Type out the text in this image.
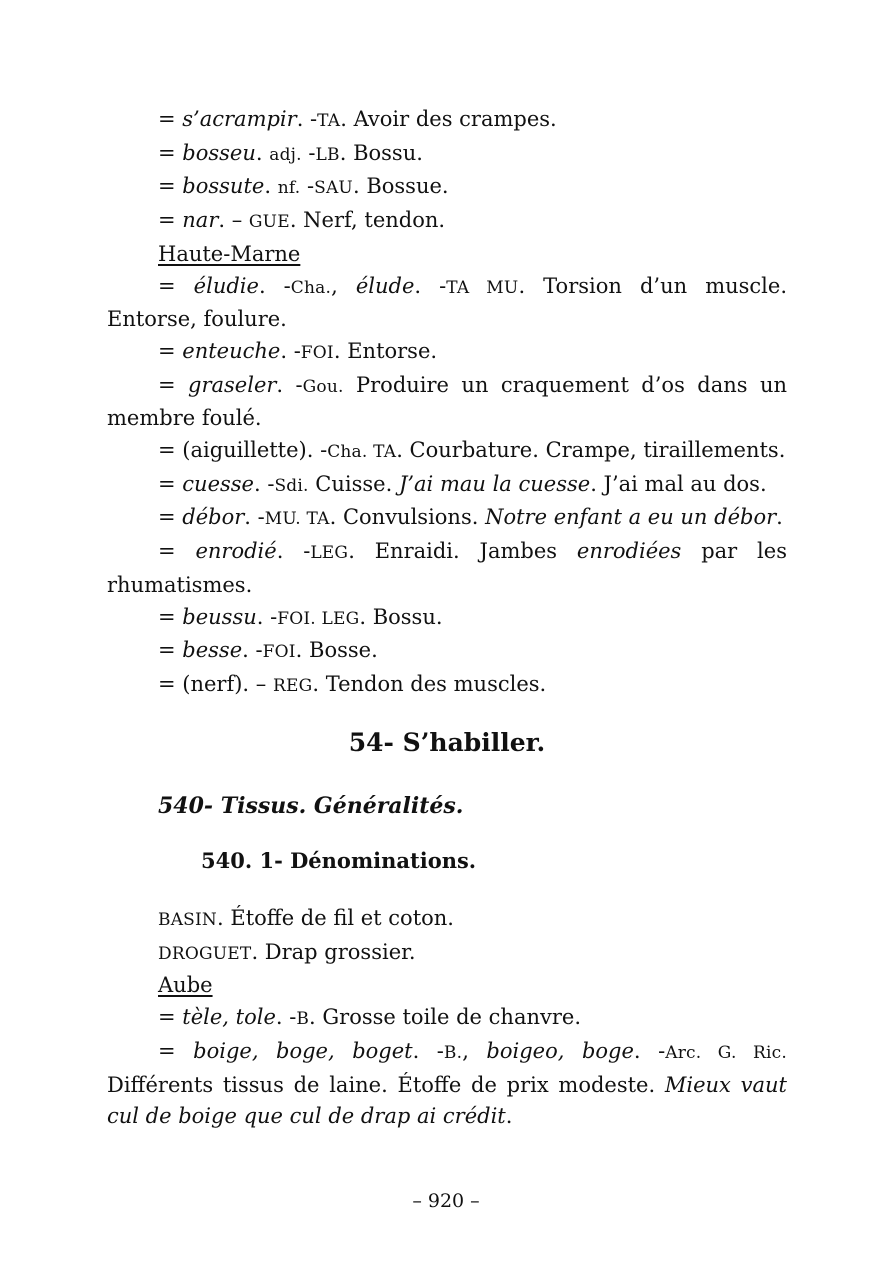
= s’acrampir. -TA. Avoir des crampes.

= bosseu. adj. -LB. Bossu.

= bossute. nf. -SAU. Bossue.

= nar. – GUE. Nerf, tendon.

Haute-Marne

= éludie. -Cha., élude. -TA MU. Torsion d’un muscle. Entorse, foulure.

= enteuche. -FOI. Entorse.

= graseler. -Gou. Produire un craquement d’os dans un membre foulé.

= (aiguillette). -Cha. TA. Courbature. Crampe, tiraillements.

= cuesse. -Sdi. Cuisse. J’ai mau la cuesse. J’ai mal au dos.

= débor. -MU. TA. Convulsions. Notre enfant a eu un débor.

= enrodié. -LEG. Enraidi. Jambes enrodiées par les rhumatismes.

= beussu. -FOI. LEG. Bossu.

= besse. -FOI. Bosse.

= (nerf). – REG. Tendon des muscles.

54- S’habiller.
540- Tissus. Généralités.
540. 1- Dénominations.

BASIN. Étoffe de fil et coton.

DROGUET. Drap grossier.

Aube

= tèle, tole. -B. Grosse toile de chanvre.

= boige, boge, boget. -B., boigeo, boge. -Arc. G. Ric. Différents tissus de laine. Étoffe de prix modeste. Mieux vaut cul de boige que cul de drap ai crédit.

– 920 –
